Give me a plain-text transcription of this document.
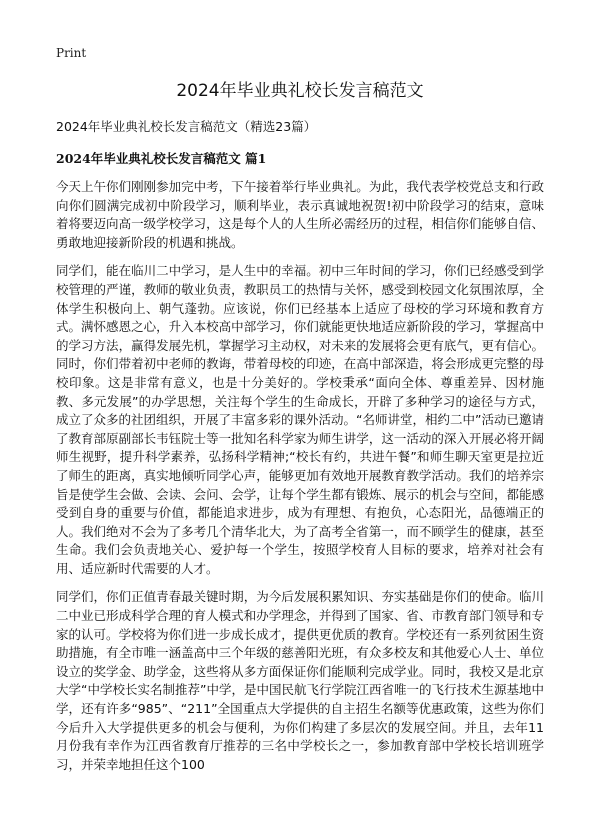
Print
2024年毕业典礼校长发言稿范文

2024年毕业典礼校长发言稿范文（精选23篇）

2024年毕业典礼校长发言稿范文 篇1

今天上午你们刚刚参加完中考，下午接着举行毕业典礼。为此，我代表学校党总支和行政向你们圆满完成初中阶段学习，顺利毕业，表示真诚地祝贺!初中阶段学习的结束，意味着将要迈向高一级学校学习，这是每个人的人生所必需经历的过程，相信你们能够自信、勇敢地迎接新阶段的机遇和挑战。

同学们，能在临川二中学习，是人生中的幸福。初中三年时间的学习，你们已经感受到学校管理的严谨，教师的敬业负责，教职员工的热情与关怀，感受到校园文化氛围浓厚，全体学生积极向上、朝气蓬勃。应该说，你们已经基本上适应了母校的学习环境和教育方式。满怀感恩之心，升入本校高中部学习，你们就能更快地适应新阶段的学习，掌握高中的学习方法，赢得发展先机，掌握学习主动权，对未来的发展将会更有底气，更有信心。同时，你们带着初中老师的教诲，带着母校的印迹，在高中部深造，将会形成更完整的母校印象。这是非常有意义，也是十分美好的。学校秉承“面向全体、尊重差异、因材施教、多元发展”的办学思想，关注每个学生的生命成长，开辟了多种学习的途径与方式，成立了众多的社团组织，开展了丰富多彩的课外活动。“名师讲堂，相约二中”活动已邀请了教育部原副部长韦钰院士等一批知名科学家为师生讲学，这一活动的深入开展必将开阔师生视野，提升科学素养，弘扬科学精神;“校长有约，共进午餐”和师生聊天室更是拉近了师生的距离，真实地倾听同学心声，能够更加有效地开展教育教学活动。我们的培养宗旨是使学生会做、会读、会问、会学，让每个学生都有锻炼、展示的机会与空间，都能感受到自身的重要与价值，都能追求进步，成为有理想、有抱负，心态阳光，品德端正的人。我们绝对不会为了多考几个清华北大，为了高考全省第一，而不顾学生的健康，甚至生命。我们会负责地关心、爱护每一个学生，按照学校育人目标的要求，培养对社会有用、适应新时代需要的人才。

同学们，你们正值青春最关键时期，为今后发展积累知识、夯实基础是你们的使命。临川二中业已形成科学合理的育人模式和办学理念，并得到了国家、省、市教育部门领导和专家的认可。学校将为你们进一步成长成才，提供更优质的教育。学校还有一系列贫困生资助措施，有全市唯一涵盖高中三个年级的慈善阳光班，有众多校友和其他爱心人士、单位设立的奖学金、助学金，这些将从多方面保证你们能顺利完成学业。同时，我校又是北京大学“中学校长实名制推荐”中学，是中国民航飞行学院江西省唯一的飞行技术生源基地中学，还有许多“985”、“211”全国重点大学提供的自主招生名额等优惠政策，这些为你们今后升入大学提供更多的机会与便利，为你们构建了多层次的发展空间。并且，去年11月份我有幸作为江西省教育厅推荐的三名中学校长之一，参加教育部中学校长培训班学习，并荣幸地担任这个100
